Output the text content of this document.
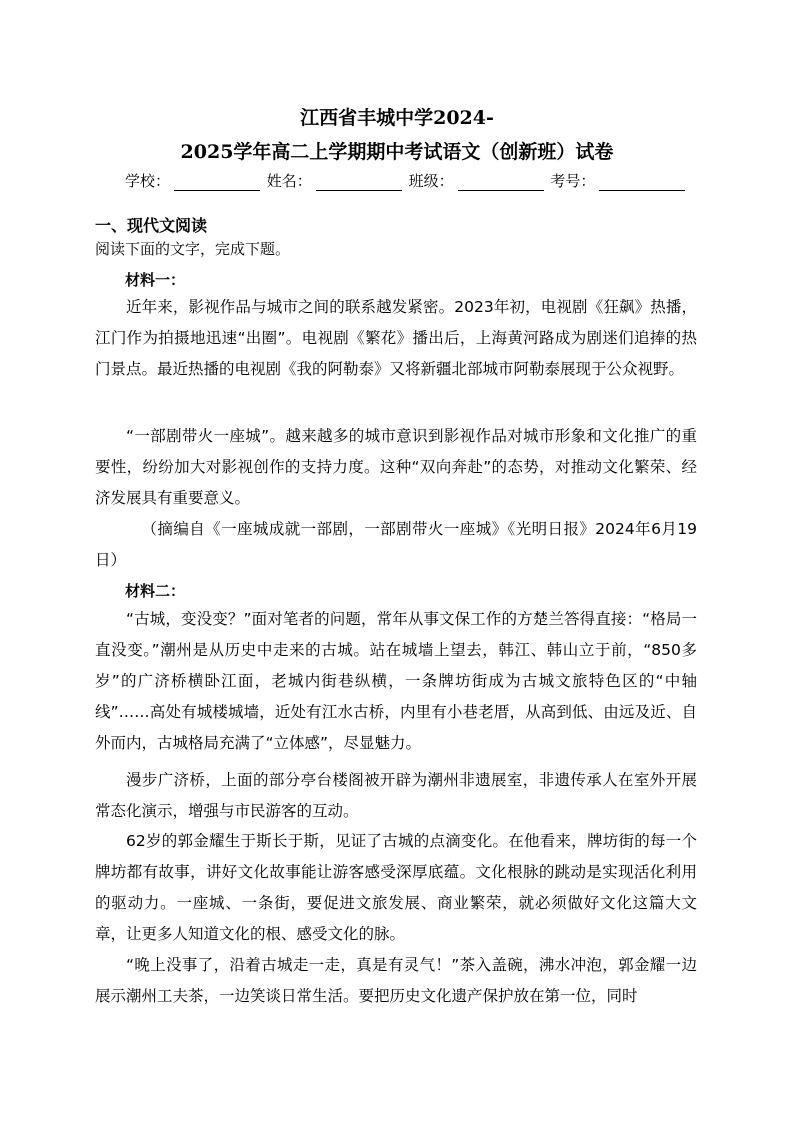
江西省丰城中学2024-
2025学年高二上学期期中考试语文（创新班）试卷
学校：	姓名：	班级：	考号：
一、现代文阅读
阅读下面的文字，完成下题。
材料一：
近年来，影视作品与城市之间的联系越发紧密。2023年初，电视剧《狂飙》热播，江门作为拍摄地迅速“出圈”。电视剧《繁花》播出后，上海黄河路成为剧迷们追捧的热门景点。最近热播的电视剧《我的阿勒泰》又将新疆北部城市阿勒泰展现于公众视野。
“一部剧带火一座城”。越来越多的城市意识到影视作品对城市形象和文化推广的重要性，纷纷加大对影视创作的支持力度。这种“双向奔赴”的态势，对推动文化繁荣、经济发展具有重要意义。
（摘编自《一座城成就一部剧，一部剧带火一座城》《光明日报》2024年6月19日）
材料二：
“古城，变没变？”面对笔者的问题，常年从事文保工作的方楚兰答得直接：“格局一直没变。”潮州是从历史中走来的古城。站在城墙上望去，韩江、韩山立于前，“850多岁”的广济桥横卧江面，老城内街巷纵横，一条牌坊街成为古城文旅特色区的“中轴线”……高处有城楼城墙，近处有江水古桥，内里有小巷老厝，从高到低、由远及近、自外而内，古城格局充满了“立体感”，尽显魅力。
漫步广济桥，上面的部分亭台楼阁被开辟为潮州非遗展室，非遗传承人在室外开展常态化演示，增强与市民游客的互动。
62岁的郭金耀生于斯长于斯，见证了古城的点滴变化。在他看来，牌坊街的每一个牌坊都有故事，讲好文化故事能让游客感受深厚底蕴。文化根脉的跳动是实现活化利用的驱动力。一座城、一条街，要促进文旅发展、商业繁荣，就必须做好文化这篇大文章，让更多人知道文化的根、感受文化的脉。
“晚上没事了，沿着古城走一走，真是有灵气！”茶入盖碗，沸水冲泡，郭金耀一边展示潮州工夫茶，一边笑谈日常生活。要把历史文化遗产保护放在第一位，同时
